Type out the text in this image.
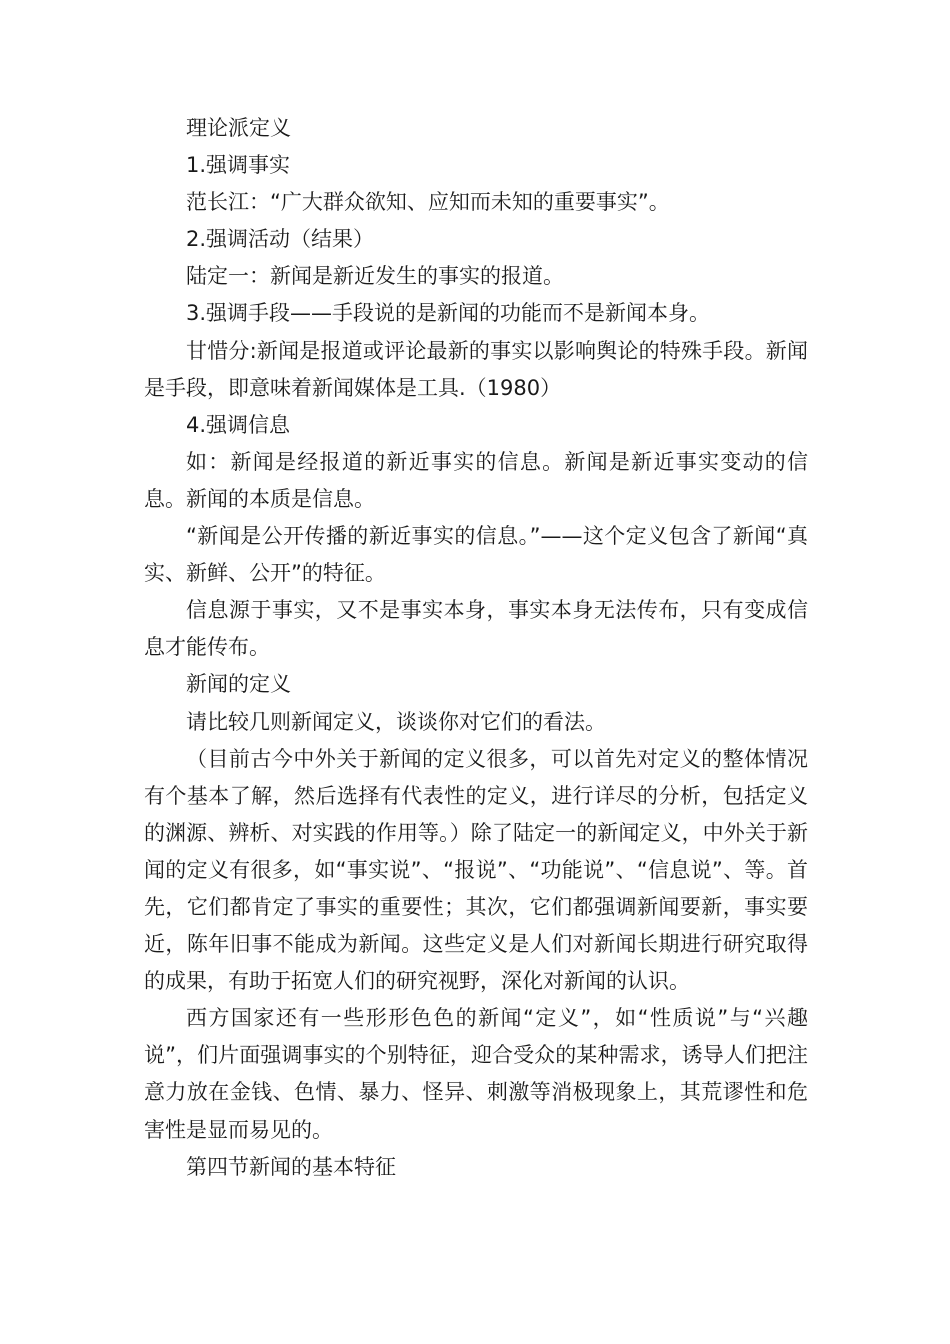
理论派定义

1.强调事实

范长江：“广大群众欲知、应知而未知的重要事实”。

2.强调活动（结果）

陆定一：新闻是新近发生的事实的报道。

3.强调手段——手段说的是新闻的功能而不是新闻本身。

甘惜分:新闻是报道或评论最新的事实以影响舆论的特殊手段。新闻是手段，即意味着新闻媒体是工具.（1980）

4.强调信息

如：新闻是经报道的新近事实的信息。新闻是新近事实变动的信息。新闻的本质是信息。

“新闻是公开传播的新近事实的信息。”——这个定义包含了新闻“真实、新鲜、公开”的特征。

信息源于事实，又不是事实本身，事实本身无法传布，只有变成信息才能传布。

新闻的定义

请比较几则新闻定义，谈谈你对它们的看法。

（目前古今中外关于新闻的定义很多，可以首先对定义的整体情况有个基本了解，然后选择有代表性的定义，进行详尽的分析，包括定义的渊源、辨析、对实践的作用等。）除了陆定一的新闻定义，中外关于新闻的定义有很多，如“事实说”、“报说”、“功能说”、“信息说”、等。首先，它们都肯定了事实的重要性；其次，它们都强调新闻要新，事实要近，陈年旧事不能成为新闻。这些定义是人们对新闻长期进行研究取得的成果，有助于拓宽人们的研究视野，深化对新闻的认识。

西方国家还有一些形形色色的新闻“定义”，如“性质说”与“兴趣说”，们片面强调事实的个别特征，迎合受众的某种需求，诱导人们把注意力放在金钱、色情、暴力、怪异、刺激等消极现象上，其荒谬性和危害性是显而易见的。

第四节新闻的基本特征
